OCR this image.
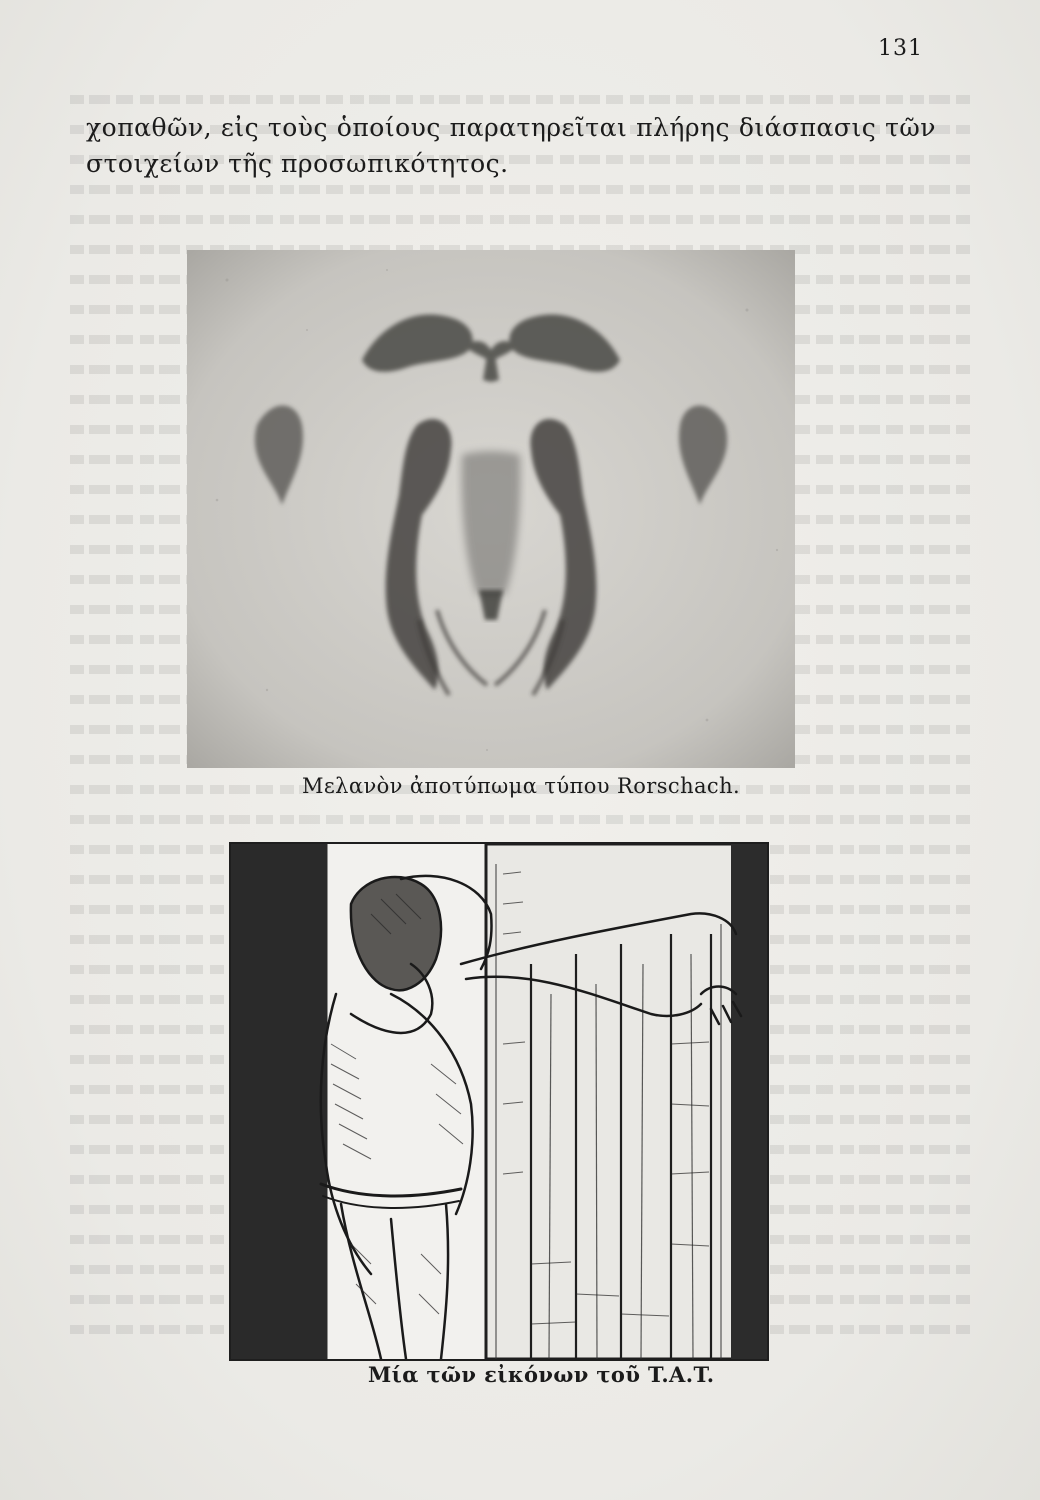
131

χοπαθῶν, εἰς τοὺς ὁποίους παρατηρεῖται πλήρης διάσπασις τῶν στοιχείων τῆς προσωπικότητος.

Μελανὸν ἀποτύπωμα τύπου Rorschach.
Μία τῶν εἰκόνων τοῦ T.A.T.
